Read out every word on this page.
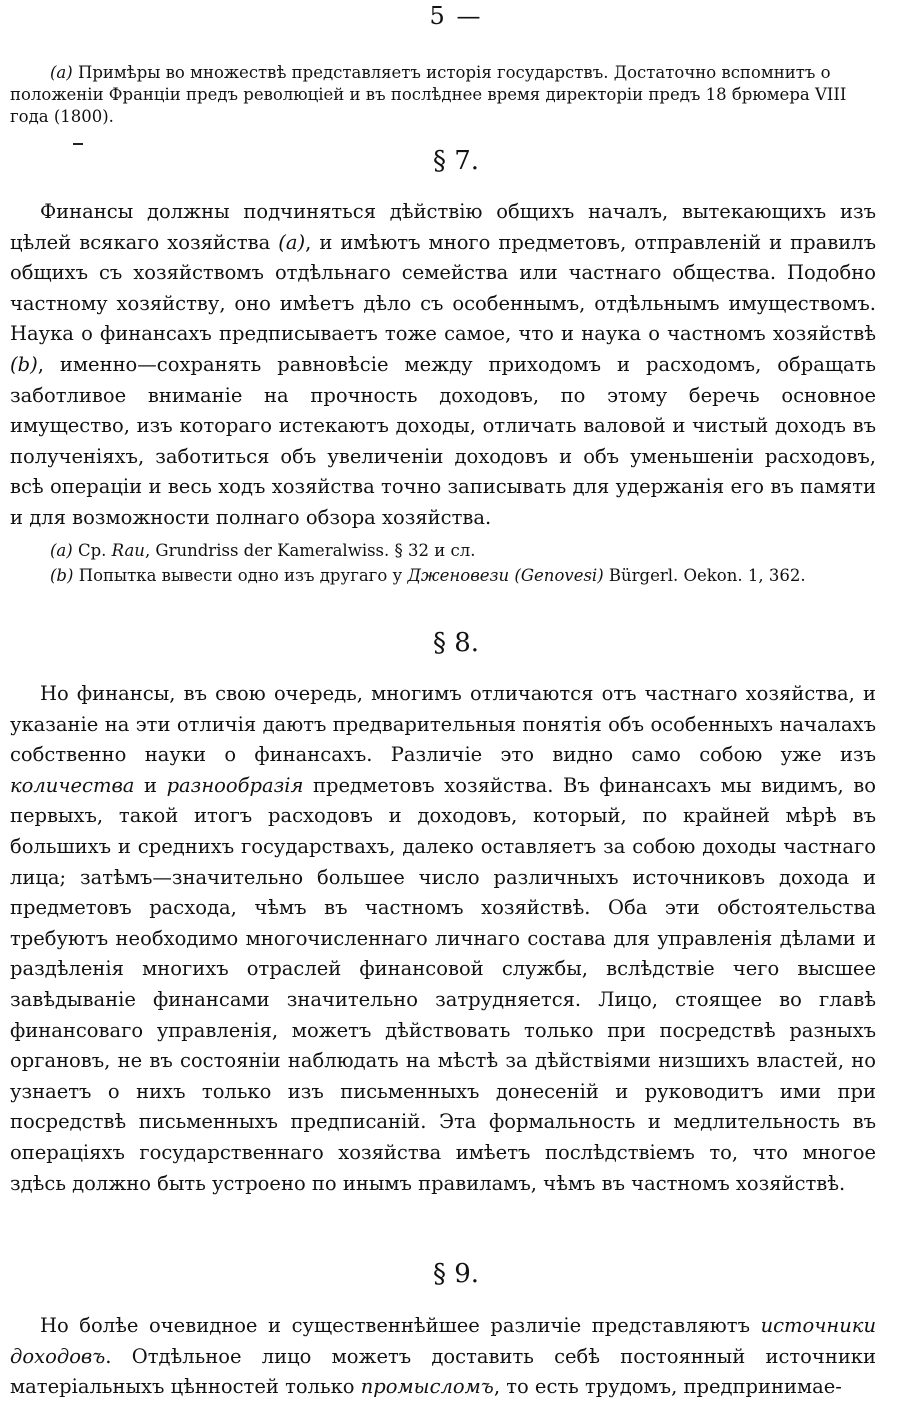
5 —

(a) Примѣры во множествѣ представляетъ исторія государствъ. Достаточно вспомнитъ о положеніи Франціи предъ революціей и въ послѣднее время директоріи предъ 18 брюмера VIII года (1800).

§ 7.

Финансы должны подчиняться дѣйствію общихъ началъ, вытекающихъ изъ цѣлей всякаго хозяйства (a), и имѣютъ много предметовъ, отправленій и правилъ общихъ съ хозяйствомъ отдѣльнаго семейства или частнаго общества. Подобно частному хозяйству, оно имѣетъ дѣло съ особеннымъ, отдѣльнымъ имуществомъ. Наука о финансахъ предписываетъ тоже самое, что и наука о частномъ хозяйствѣ (b), именно—сохранять равновѣсіе между приходомъ и расходомъ, обращать заботливое вниманіе на прочность доходовъ, по этому беречь основное имущество, изъ котораго истекаютъ доходы, отличать валовой и чистый доходъ въ полученіяхъ, заботиться объ увеличеніи доходовъ и объ уменьшеніи расходовъ, всѣ операціи и весь ходъ хозяйства точно записывать для удержанія его въ памяти и для возможности полнаго обзора хозяйства.

(a) Ср. Rau, Grundriss der Kameralwiss. § 32 и сл.

(b) Попытка вывести одно изъ другаго у Дженовези (Genovesi) Bürgerl. Oekon. 1, 362.

§ 8.

Но финансы, въ свою очередь, многимъ отличаются отъ частнаго хозяйства, и указаніе на эти отличія даютъ предварительныя понятія объ особенныхъ началахъ собственно науки о финансахъ. Различіе это видно само собою уже изъ количества и разнообразія предметовъ хозяйства. Въ финансахъ мы видимъ, во первыхъ, такой итогъ расходовъ и доходовъ, который, по крайней мѣрѣ въ большихъ и среднихъ государствахъ, далеко оставляетъ за собою доходы частнаго лица; затѣмъ—значительно большее число различныхъ источниковъ дохода и предметовъ расхода, чѣмъ въ частномъ хозяйствѣ. Оба эти обстоятельства требуютъ необходимо многочисленнаго личнаго состава для управленія дѣлами и раздѣленія многихъ отраслей финансовой службы, вслѣдствіе чего высшее завѣдываніе финансами значительно затрудняется. Лицо, стоящее во главѣ финансоваго управленія, можетъ дѣйствовать только при посредствѣ разныхъ органовъ, не въ состояніи наблюдать на мѣстѣ за дѣйствіями низшихъ властей, но узнаетъ о нихъ только изъ письменныхъ донесеній и руководитъ ими при посредствѣ письменныхъ предписаній. Эта формальность и медлительность въ операціяхъ государственнаго хозяйства имѣетъ послѣдствіемъ то, что многое здѣсь должно быть устроено по инымъ правиламъ, чѣмъ въ частномъ хозяйствѣ.

§ 9.

Но болѣе очевидное и существеннѣйшее различіе представляютъ источники доходовъ. Отдѣльное лицо можетъ доставить себѣ постоянный источники матеріальныхъ цѣнностей только промысломъ, то есть трудомъ, предпринимае-
